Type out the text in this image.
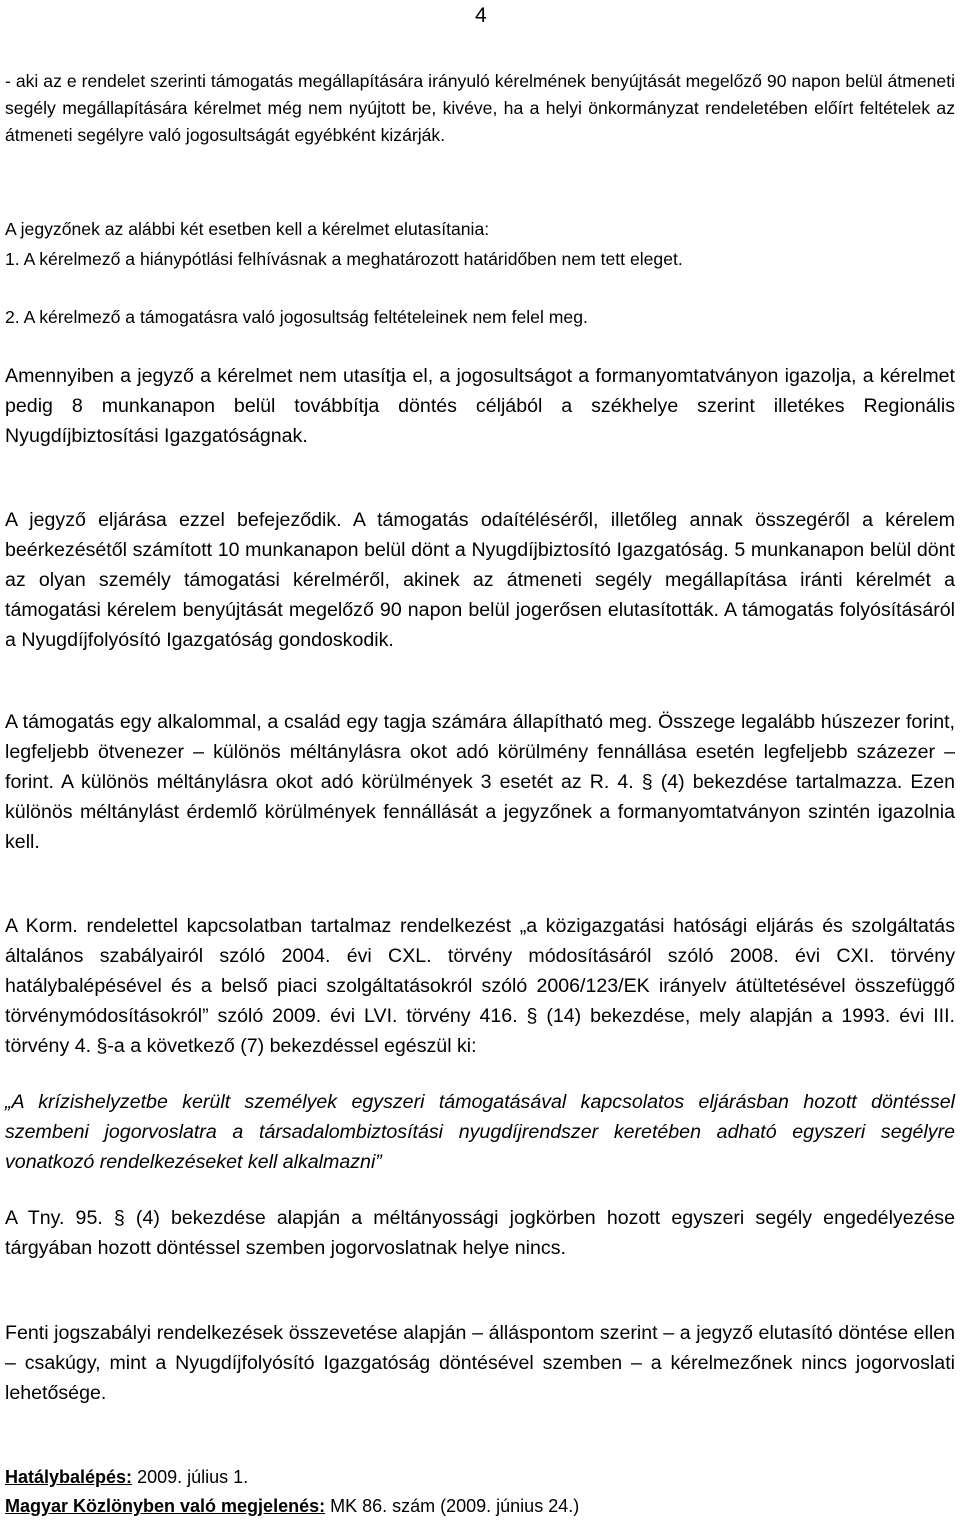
4

- aki az e rendelet szerinti támogatás megállapítására irányuló kérelmének benyújtását megelőző 90 napon belül átmeneti segély megállapítására kérelmet még nem nyújtott be, kivéve, ha a helyi önkormányzat rendeletében előírt feltételek az átmeneti segélyre való jogosultságát egyébként kizárják.

A jegyzőnek az alábbi két esetben kell a kérelmet elutasítania:

1. A kérelmező a hiánypótlási felhívásnak a meghatározott határidőben nem tett eleget.

2. A kérelmező a támogatásra való jogosultság feltételeinek nem felel meg.

Amennyiben a jegyző a kérelmet nem utasítja el, a jogosultságot a formanyomtatványon igazolja, a kérelmet pedig 8 munkanapon belül továbbítja döntés céljából a székhelye szerint illetékes Regionális Nyugdíjbiztosítási Igazgatóságnak.

A jegyző eljárása ezzel befejeződik. A támogatás odaítéléséről, illetőleg annak összegéről a kérelem beérkezésétől számított 10 munkanapon belül dönt a Nyugdíjbiztosító Igazgatóság. 5 munkanapon belül dönt az olyan személy támogatási kérelméről, akinek az átmeneti segély megállapítása iránti kérelmét a támogatási kérelem benyújtását megelőző 90 napon belül jogerősen elutasították. A támogatás folyósításáról a Nyugdíjfolyósító Igazgatóság gondoskodik.

A támogatás egy alkalommal, a család egy tagja számára állapítható meg. Összege legalább húszezer forint, legfeljebb ötvenezer – különös méltánylásra okot adó körülmény fennállása esetén legfeljebb százezer – forint. A különös méltánylásra okot adó körülmények 3 esetét az R. 4. § (4) bekezdése tartalmazza. Ezen különös méltánylást érdemlő körülmények fennállását a jegyzőnek a formanyomtatványon szintén igazolnia kell.

A Korm. rendelettel kapcsolatban tartalmaz rendelkezést „a közigazgatási hatósági eljárás és szolgáltatás általános szabályairól szóló 2004. évi CXL. törvény módosításáról szóló 2008. évi CXI. törvény hatálybalépésével és a belső piaci szolgáltatásokról szóló 2006/123/EK irányelv átültetésével összefüggő törvénymódosításokról” szóló 2009. évi LVI. törvény 416. § (14) bekezdése, mely alapján a 1993. évi III. törvény 4. §-a a következő (7) bekezdéssel egészül ki:

„A krízishelyzetbe került személyek egyszeri támogatásával kapcsolatos eljárásban hozott döntéssel szembeni jogorvoslatra a társadalombiztosítási nyugdíjrendszer keretében adható egyszeri segélyre vonatkozó rendelkezéseket kell alkalmazni”

A Tny. 95. § (4) bekezdése alapján a méltányossági jogkörben hozott egyszeri segély engedélyezése tárgyában hozott döntéssel szemben jogorvoslatnak helye nincs.

Fenti jogszabályi rendelkezések összevetése alapján – álláspontom szerint – a jegyző elutasító döntése ellen – csakúgy, mint a Nyugdíjfolyósító Igazgatóság döntésével szemben – a kérelmezőnek nincs jogorvoslati lehetősége.

Hatálybalépés: 2009. július 1.

Magyar Közlönyben való megjelenés: MK 86. szám (2009. június 24.)
